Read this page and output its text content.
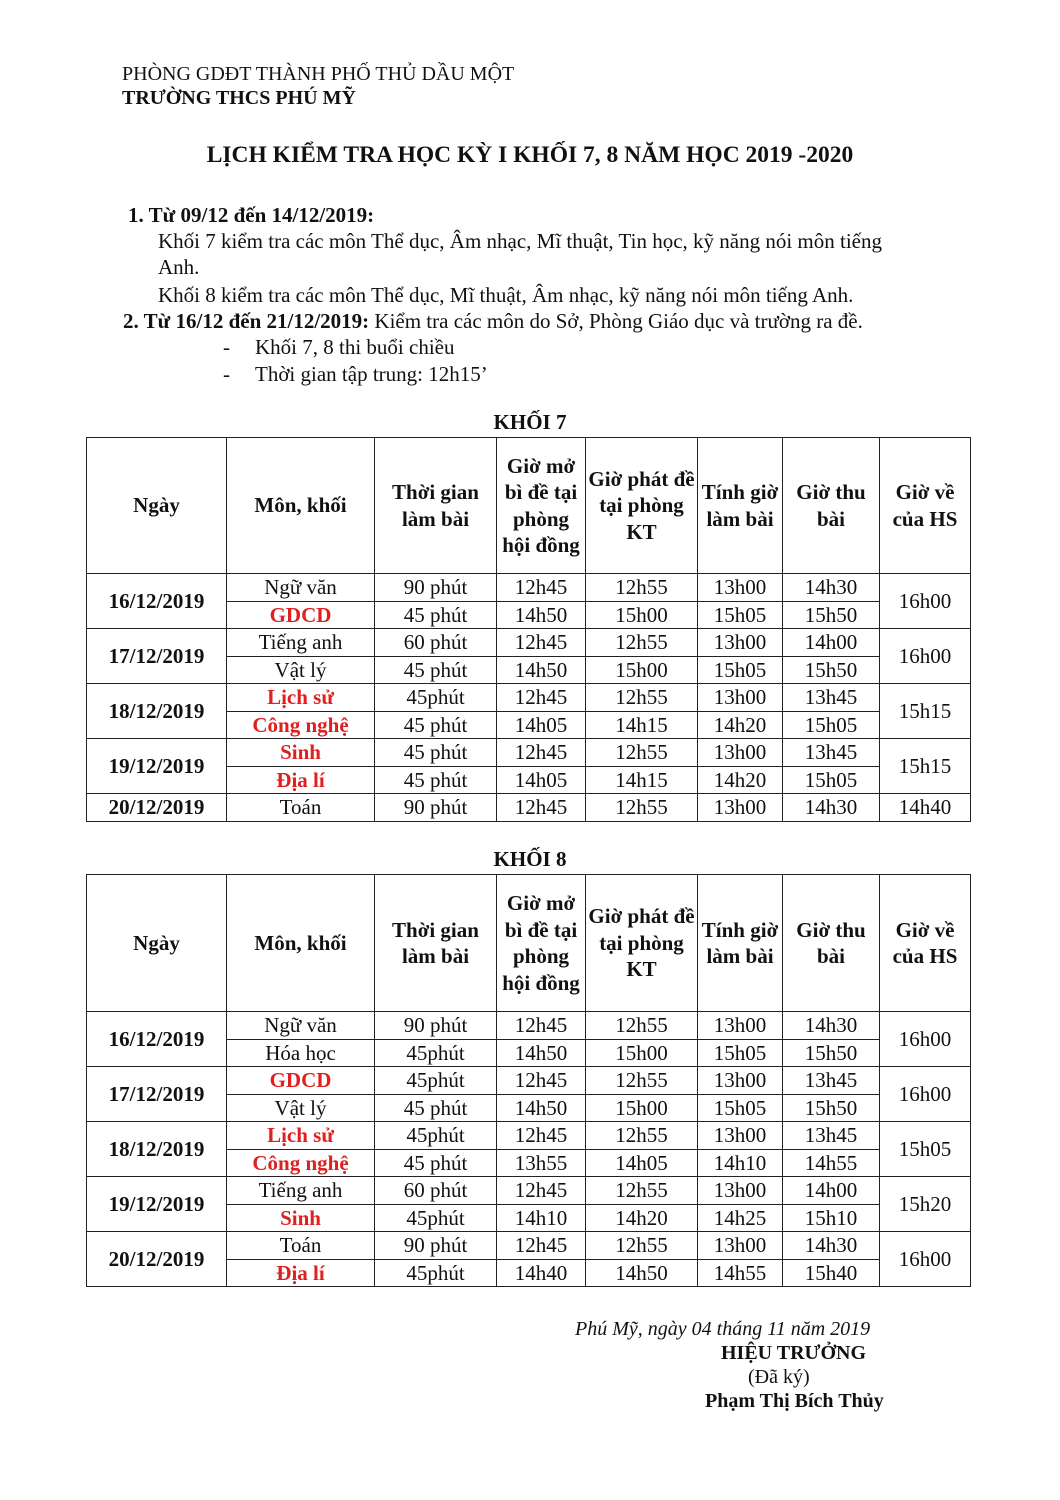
PHÒNG GDĐT THÀNH PHỐ THỦ DẦU MỘT
TRƯỜNG THCS PHÚ MỸ
LỊCH KIỂM TRA HỌC KỲ I KHỐI 7, 8 NĂM HỌC 2019 -2020
1. Từ 09/12 đến 14/12/2019:
Khối 7 kiểm tra các môn Thể dục, Âm nhạc, Mĩ thuật, Tin học, kỹ năng nói môn tiếng
Anh.
Khối 8 kiểm tra các môn Thể dục, Mĩ thuật, Âm nhạc, kỹ năng nói môn tiếng Anh.
2. Từ 16/12 đến 21/12/2019: Kiểm tra các môn do Sở, Phòng Giáo dục và trường ra đề.
- Khối 7, 8 thi buổi chiều
- Thời gian tập trung: 12h15’
KHỐI 7
Ngày	Môn, khối	Thời gian làm bài	Giờ mở bì đề tại phòng hội đồng	Giờ phát đề tại phòng KT	Tính giờ làm bài	Giờ thu bài	Giờ về của HS
16/12/2019	Ngữ văn	90 phút	12h45	12h55	13h00	14h30	16h00
	GDCD	45 phút	14h50	15h00	15h05	15h50	
17/12/2019	Tiếng anh	60 phút	12h45	12h55	13h00	14h00	16h00
	Vật lý	45 phút	14h50	15h00	15h05	15h50	
18/12/2019	Lịch sử	45phút	12h45	12h55	13h00	13h45	15h15
	Công nghệ	45 phút	14h05	14h15	14h20	15h05	
19/12/2019	Sinh	45 phút	12h45	12h55	13h00	13h45	15h15
	Địa lí	45 phút	14h05	14h15	14h20	15h05	
20/12/2019	Toán	90 phút	12h45	12h55	13h00	14h30	14h40
KHỐI 8
Ngày	Môn, khối	Thời gian làm bài	Giờ mở bì đề tại phòng hội đồng	Giờ phát đề tại phòng KT	Tính giờ làm bài	Giờ thu bài	Giờ về của HS
16/12/2019	Ngữ văn	90 phút	12h45	12h55	13h00	14h30	16h00
	Hóa học	45phút	14h50	15h00	15h05	15h50	
17/12/2019	GDCD	45phút	12h45	12h55	13h00	13h45	16h00
	Vật lý	45 phút	14h50	15h00	15h05	15h50	
18/12/2019	Lịch sử	45phút	12h45	12h55	13h00	13h45	15h05
	Công nghệ	45 phút	13h55	14h05	14h10	14h55	
19/12/2019	Tiếng anh	60 phút	12h45	12h55	13h00	14h00	15h20
	Sinh	45phút	14h10	14h20	14h25	15h10	
20/12/2019	Toán	90 phút	12h45	12h55	13h00	14h30	16h00
	Địa lí	45phút	14h40	14h50	14h55	15h40	
Phú Mỹ, ngày 04 tháng 11 năm 2019
HIỆU TRƯỞNG
(Đã ký)
Phạm Thị Bích Thủy
